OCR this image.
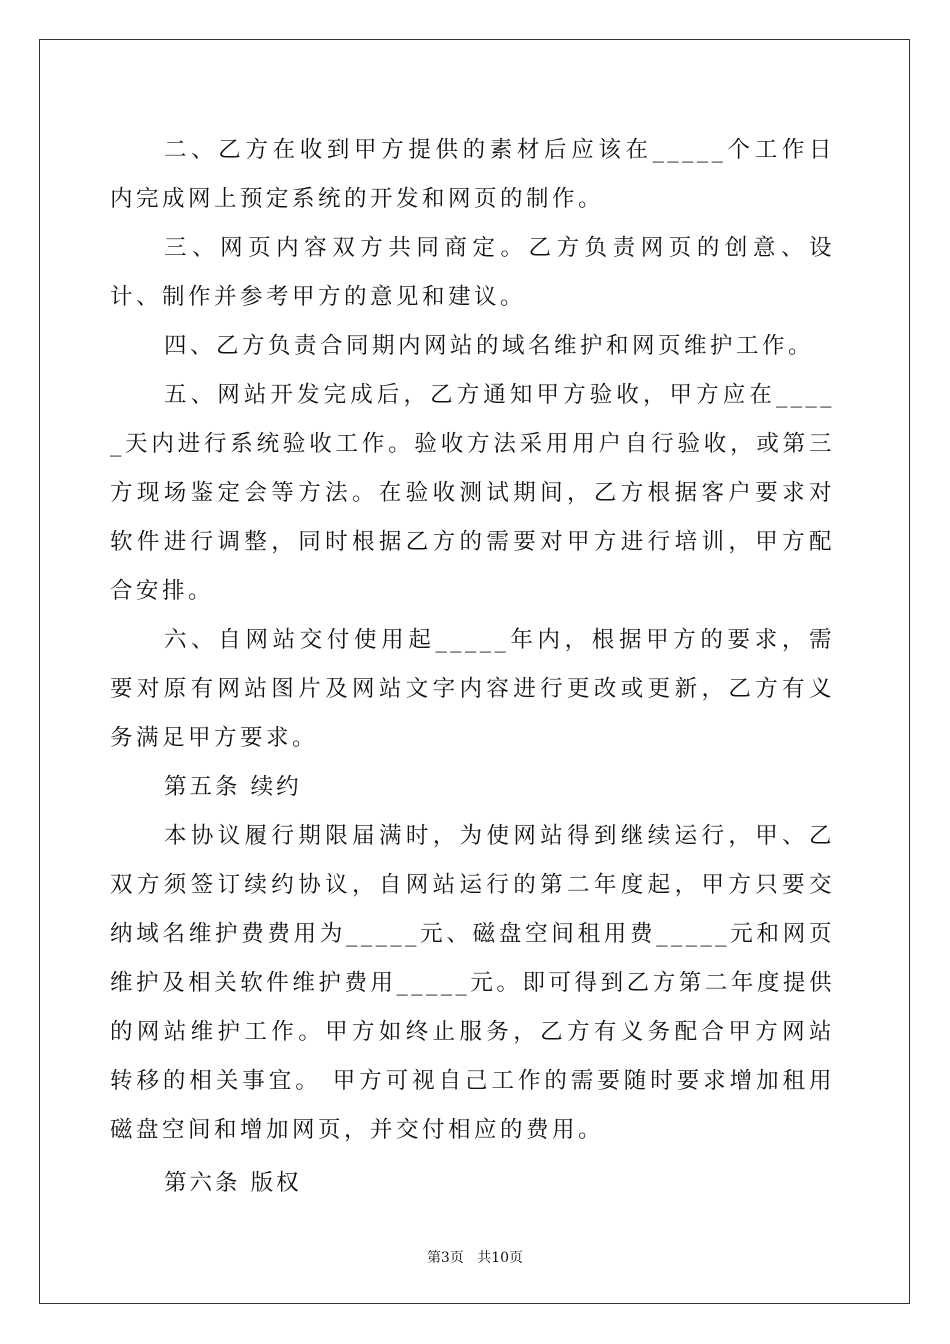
二、乙方在收到甲方提供的素材后应该在_____个工作日内完成网上预定系统的开发和网页的制作。

三、网页内容双方共同商定。乙方负责网页的创意、设计、制作并参考甲方的意见和建议。

四、乙方负责合同期内网站的域名维护和网页维护工作。

五、网站开发完成后，乙方通知甲方验收，甲方应在_____天内进行系统验收工作。验收方法采用用户自行验收，或第三方现场鉴定会等方法。在验收测试期间，乙方根据客户要求对软件进行调整，同时根据乙方的需要对甲方进行培训，甲方配合安排。

六、自网站交付使用起_____年内，根据甲方的要求，需要对原有网站图片及网站文字内容进行更改或更新，乙方有义务满足甲方要求。

第五条 续约

本协议履行期限届满时，为使网站得到继续运行，甲、乙双方须签订续约协议，自网站运行的第二年度起，甲方只要交纳域名维护费费用为_____元、磁盘空间租用费_____元和网页维护及相关软件维护费用_____元。即可得到乙方第二年度提供的网站维护工作。甲方如终止服务，乙方有义务配合甲方网站转移的相关事宜。 甲方可视自己工作的需要随时要求增加租用磁盘空间和增加网页，并交付相应的费用。

第六条 版权

第3页 共10页
